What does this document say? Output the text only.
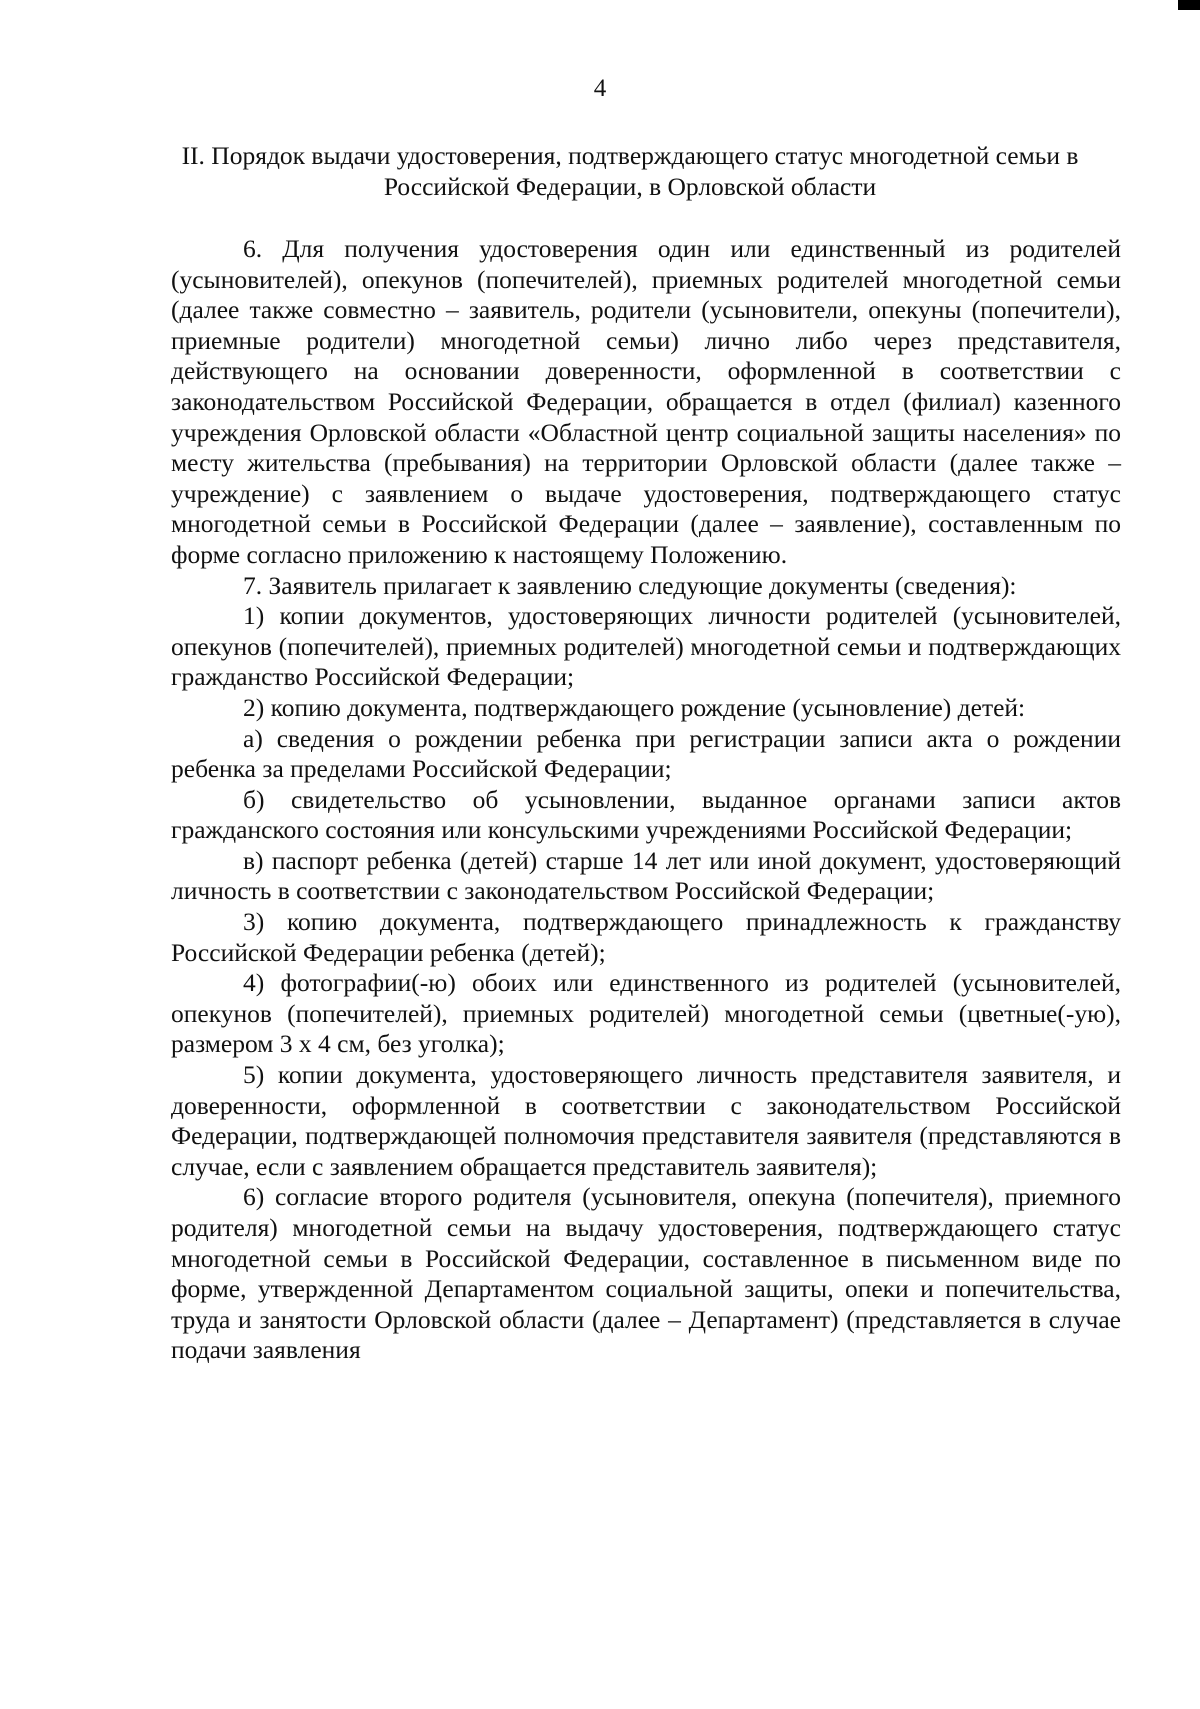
4
II. Порядок выдачи удостоверения, подтверждающего статус многодетной семьи в Российской Федерации, в Орловской области

6. Для получения удостоверения один или единственный из родителей (усыновителей), опекунов (попечителей), приемных родителей многодетной семьи (далее также совместно – заявитель, родители (усыновители, опекуны (попечители), приемные родители) многодетной семьи) лично либо через представителя, действующего на основании доверенности, оформленной в соответствии с законодательством Российской Федерации, обращается в отдел (филиал) казенного учреждения Орловской области «Областной центр социальной защиты населения» по месту жительства (пребывания) на территории Орловской области (далее также – учреждение) с заявлением о выдаче удостоверения, подтверждающего статус многодетной семьи в Российской Федерации (далее – заявление), составленным по форме согласно приложению к настоящему Положению.

7. Заявитель прилагает к заявлению следующие документы (сведения):

1) копии документов, удостоверяющих личности родителей (усыновителей, опекунов (попечителей), приемных родителей) многодетной семьи и подтверждающих гражданство Российской Федерации;

2) копию документа, подтверждающего рождение (усыновление) детей:

а) сведения о рождении ребенка при регистрации записи акта о рождении ребенка за пределами Российской Федерации;

б) свидетельство об усыновлении, выданное органами записи актов гражданского состояния или консульскими учреждениями Российской Федерации;

в) паспорт ребенка (детей) старше 14 лет или иной документ, удостоверяющий личность в соответствии с законодательством Российской Федерации;

3) копию документа, подтверждающего принадлежность к гражданству Российской Федерации ребенка (детей);

4) фотографии(-ю) обоих или единственного из родителей (усыновителей, опекунов (попечителей), приемных родителей) многодетной семьи (цветные(-ую), размером 3 х 4 см, без уголка);

5) копии документа, удостоверяющего личность представителя заявителя, и доверенности, оформленной в соответствии с законодательством Российской Федерации, подтверждающей полномочия представителя заявителя (представляются в случае, если с заявлением обращается представитель заявителя);

6) согласие второго родителя (усыновителя, опекуна (попечителя), приемного родителя) многодетной семьи на выдачу удостоверения, подтверждающего статус многодетной семьи в Российской Федерации, составленное в письменном виде по форме, утвержденной Департаментом социальной защиты, опеки и попечительства, труда и занятости Орловской области (далее – Департамент) (представляется в случае подачи заявления
